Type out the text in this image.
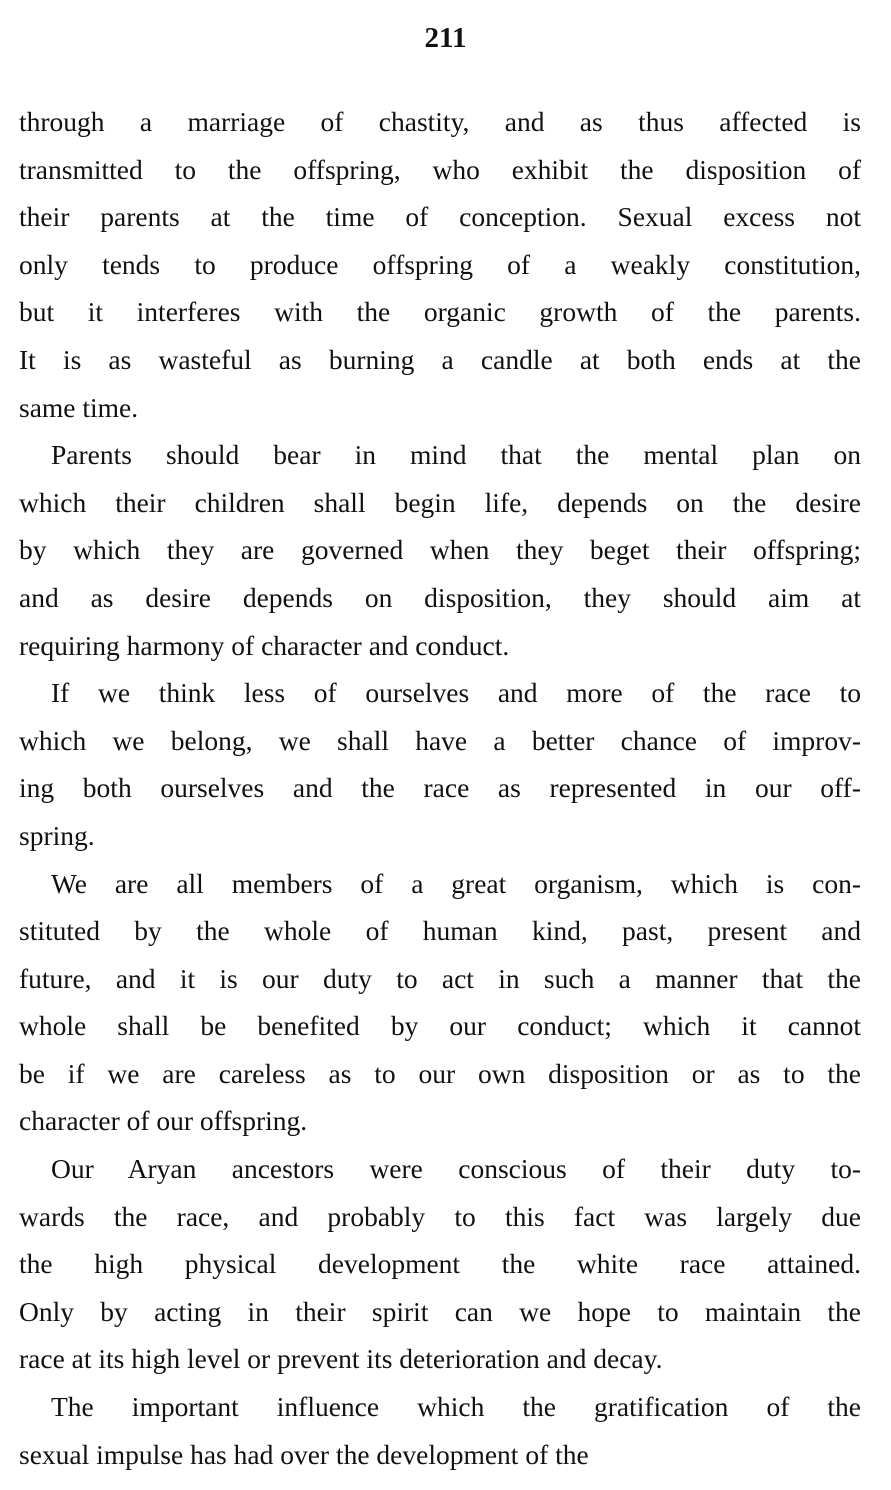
211

through a marriage of chastity, and as thus affected is
transmitted to the offspring, who exhibit the disposition of
their parents at the time of conception. Sexual excess not
only tends to produce offspring of a weakly constitution,
but it interferes with the organic growth of the parents.
It is as wasteful as burning a candle at both ends at the
same time.

Parents should bear in mind that the mental plan on
which their children shall begin life, depends on the desire
by which they are governed when they beget their offspring;
and as desire depends on disposition, they should aim at
requiring harmony of character and conduct.

If we think less of ourselves and more of the race to
which we belong, we shall have a better chance of improv-
ing both ourselves and the race as represented in our off-
spring.

We are all members of a great organism, which is con-
stituted by the whole of human kind, past, present and
future, and it is our duty to act in such a manner that the
whole shall be benefited by our conduct; which it cannot
be if we are careless as to our own disposition or as to the
character of our offspring.

Our Aryan ancestors were conscious of their duty to-
wards the race, and probably to this fact was largely due
the high physical development the white race attained.
Only by acting in their spirit can we hope to maintain the
race at its high level or prevent its deterioration and decay.

The important influence which the gratification of the
sexual impulse has had over the development of the
